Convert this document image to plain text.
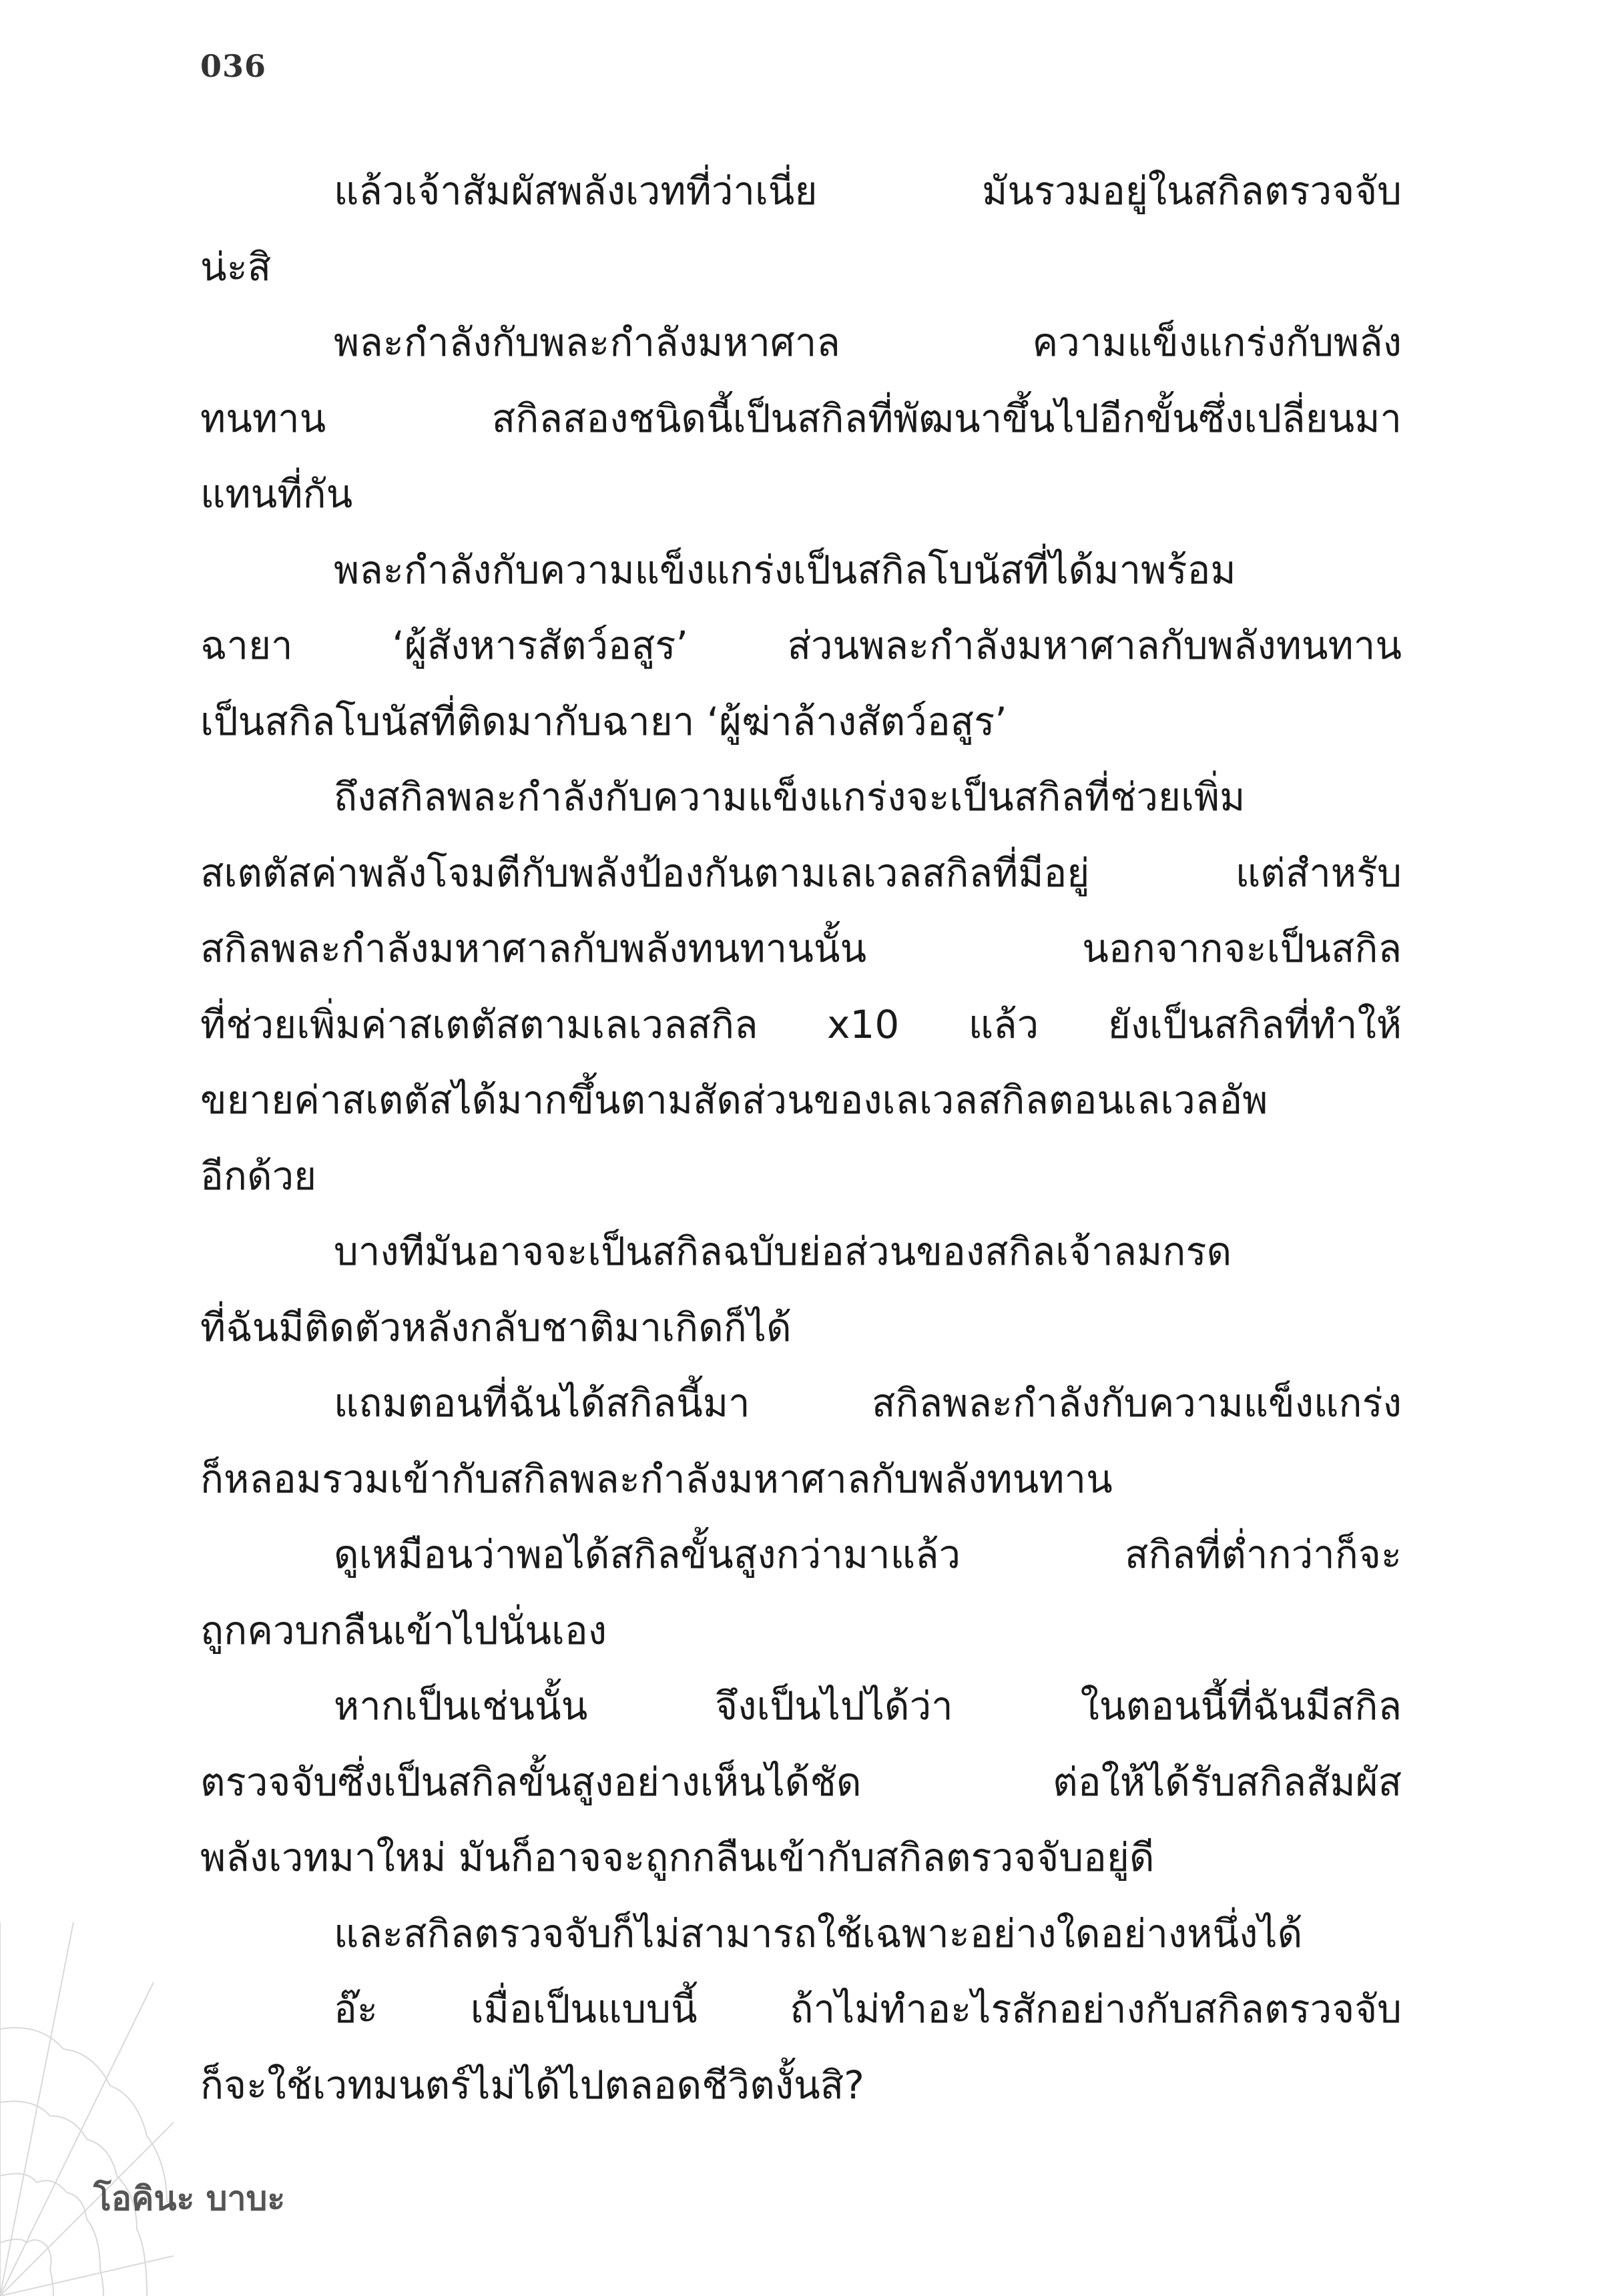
036
แล้วเจ้าสัมผัสพลังเวทที่ว่าเนี่ย มันรวมอยู่ในสกิลตรวจจับ
น่ะสิ
พละกำลังกับพละกำลังมหาศาล ความแข็งแกร่งกับพลัง
ทนทาน สกิลสองชนิดนี้เป็นสกิลที่พัฒนาขึ้นไปอีกขั้นซึ่งเปลี่ยนมา
แทนที่กัน
พละกำลังกับความแข็งแกร่งเป็นสกิลโบนัสที่ได้มาพร้อม
ฉายา ‘ผู้สังหารสัตว์อสูร’ ส่วนพละกำลังมหาศาลกับพลังทนทาน
เป็นสกิลโบนัสที่ติดมากับฉายา ‘ผู้ฆ่าล้างสัตว์อสูร’
ถึงสกิลพละกำลังกับความแข็งแกร่งจะเป็นสกิลที่ช่วยเพิ่ม
สเตตัสค่าพลังโจมตีกับพลังป้องกันตามเลเวลสกิลที่มีอยู่ แต่สำหรับ
สกิลพละกำลังมหาศาลกับพลังทนทานนั้น นอกจากจะเป็นสกิล
ที่ช่วยเพิ่มค่าสเตตัสตามเลเวลสกิล x10 แล้ว ยังเป็นสกิลที่ทำให้
ขยายค่าสเตตัสได้มากขึ้นตามสัดส่วนของเลเวลสกิลตอนเลเวลอัพ
อีกด้วย
บางทีมันอาจจะเป็นสกิลฉบับย่อส่วนของสกิลเจ้าลมกรด
ที่ฉันมีติดตัวหลังกลับชาติมาเกิดก็ได้
แถมตอนที่ฉันได้สกิลนี้มา สกิลพละกำลังกับความแข็งแกร่ง
ก็หลอมรวมเข้ากับสกิลพละกำลังมหาศาลกับพลังทนทาน
ดูเหมือนว่าพอได้สกิลขั้นสูงกว่ามาแล้ว สกิลที่ต่ำกว่าก็จะ
ถูกควบกลืนเข้าไปนั่นเอง
หากเป็นเช่นนั้น จึงเป็นไปได้ว่า ในตอนนี้ที่ฉันมีสกิล
ตรวจจับซึ่งเป็นสกิลขั้นสูงอย่างเห็นได้ชัด ต่อให้ได้รับสกิลสัมผัส
พลังเวทมาใหม่ มันก็อาจจะถูกกลืนเข้ากับสกิลตรวจจับอยู่ดี
และสกิลตรวจจับก็ไม่สามารถใช้เฉพาะอย่างใดอย่างหนึ่งได้
อ๊ะ เมื่อเป็นแบบนี้ ถ้าไม่ทำอะไรสักอย่างกับสกิลตรวจจับ
ก็จะใช้เวทมนตร์ไม่ได้ไปตลอดชีวิตงั้นสิ?
โอคินะ บาบะ
